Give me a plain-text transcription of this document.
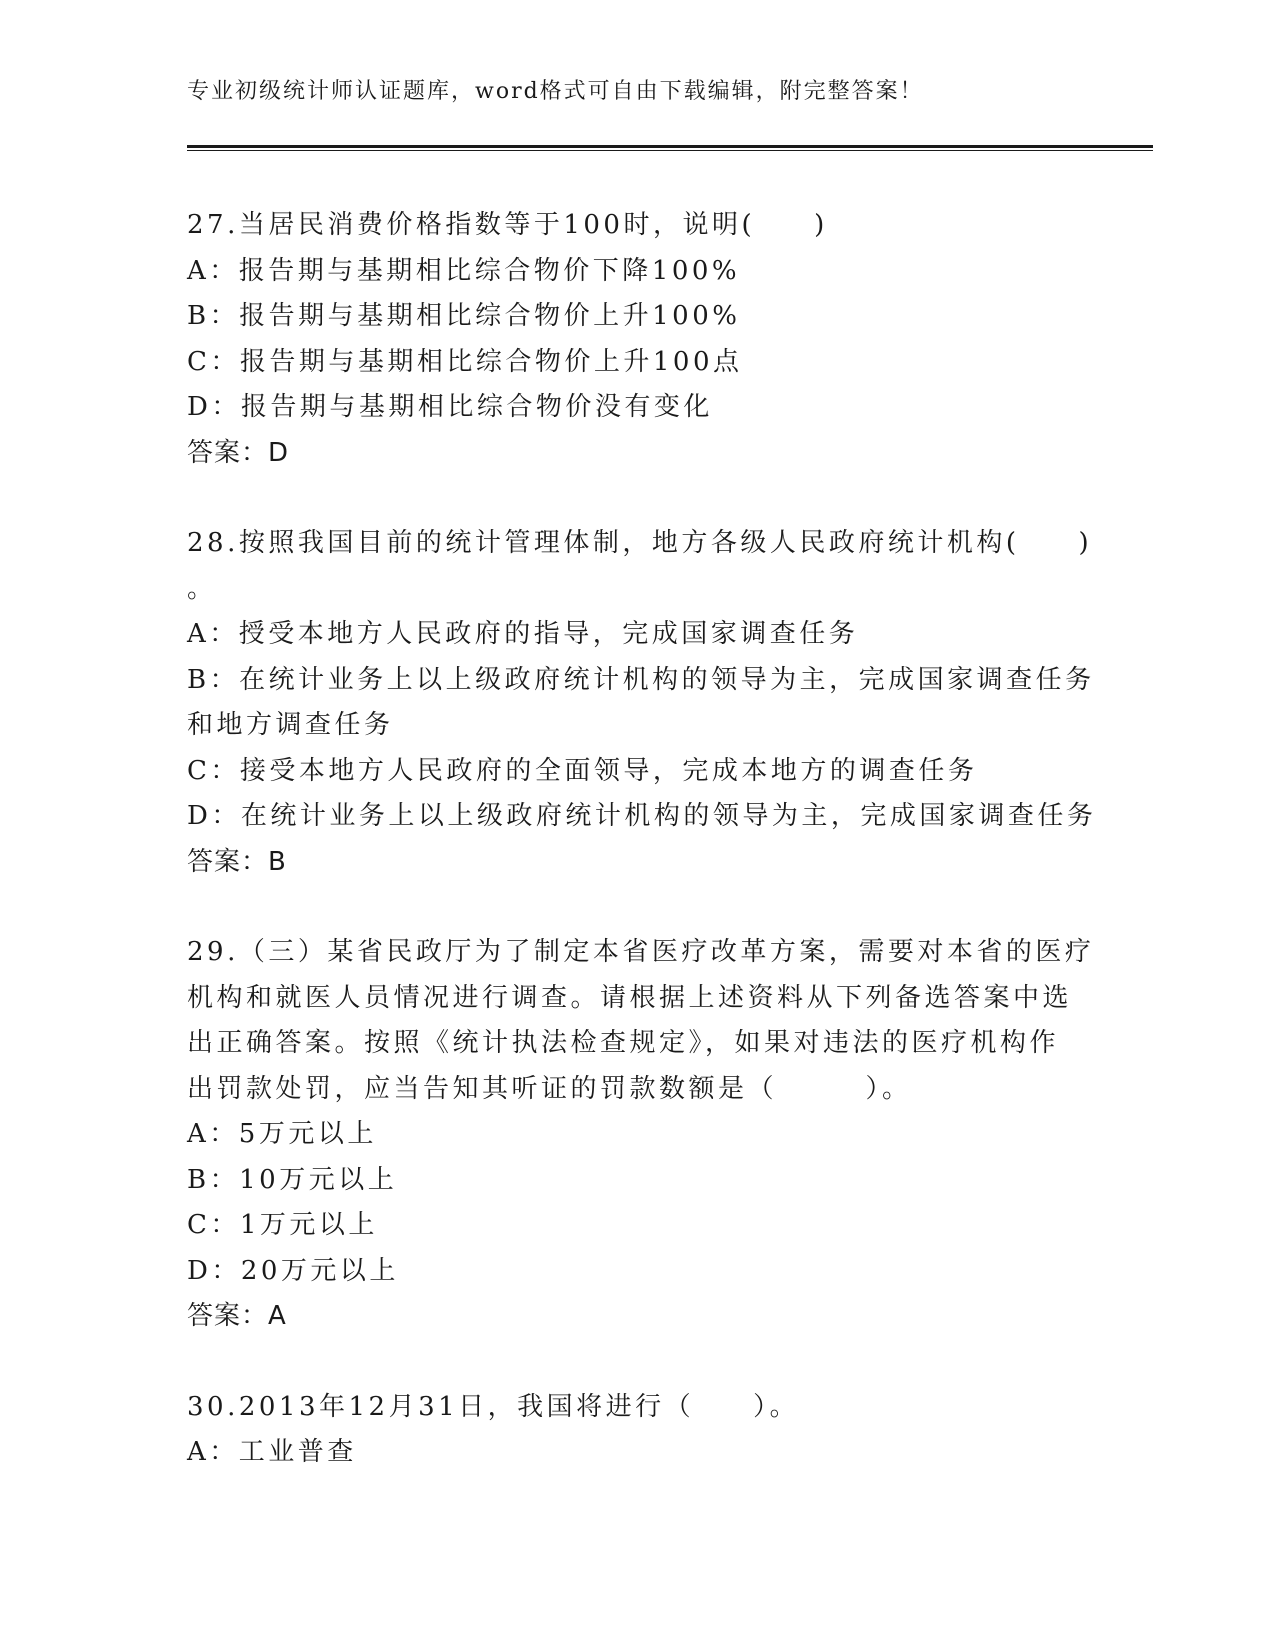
专业初级统计师认证题库，word格式可自由下载编辑，附完整答案！
27.当居民消费价格指数等于100时，说明(　　)
A：报告期与基期相比综合物价下降100%
B：报告期与基期相比综合物价上升100%
C：报告期与基期相比综合物价上升100点
D：报告期与基期相比综合物价没有变化
答案：D
28.按照我国目前的统计管理体制，地方各级人民政府统计机构(　　)
。
A：授受本地方人民政府的指导，完成国家调查任务
B：在统计业务上以上级政府统计机构的领导为主，完成国家调查任务
和地方调查任务
C：接受本地方人民政府的全面领导，完成本地方的调查任务
D：在统计业务上以上级政府统计机构的领导为主，完成国家调查任务
答案：B
29.（三）某省民政厅为了制定本省医疗改革方案，需要对本省的医疗
机构和就医人员情况进行调查。请根据上述资料从下列备选答案中选
出正确答案。按照《统计执法检查规定》，如果对违法的医疗机构作
出罚款处罚，应当告知其听证的罚款数额是（　　　）。
A：5万元以上
B：10万元以上
C：1万元以上
D：20万元以上
答案：A
30.2013年12月31日，我国将进行（　　）。
A：工业普查
